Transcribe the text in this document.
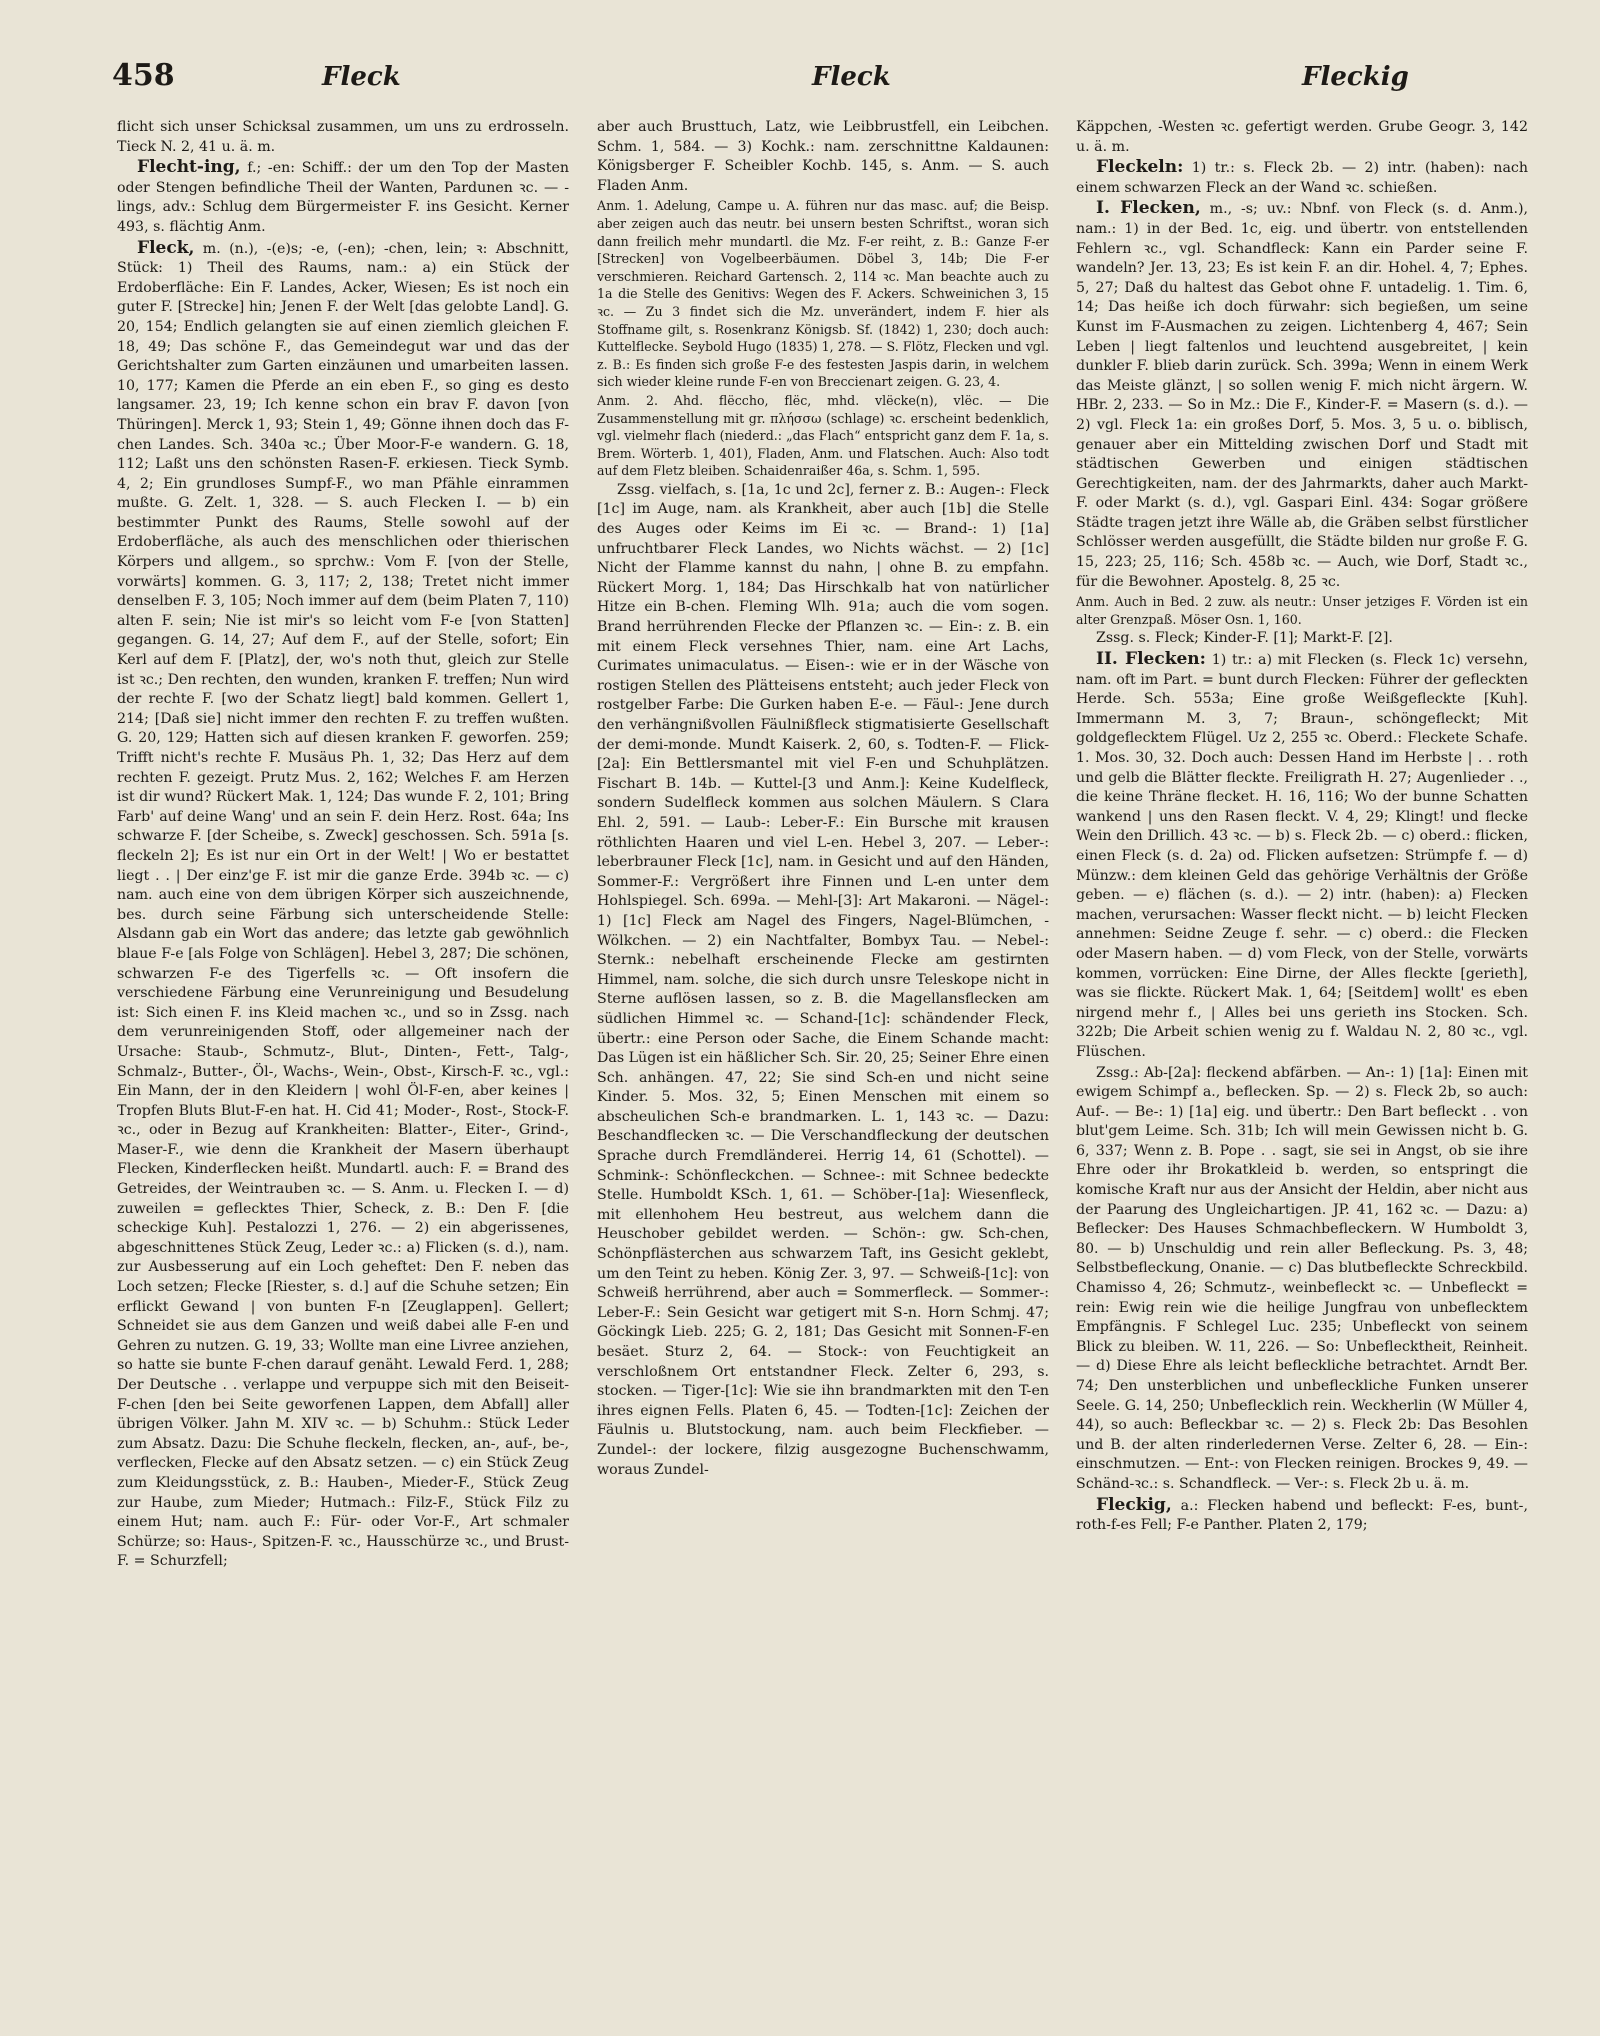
458	Fleck	Fleck	Fleckig

flicht sich unser Schicksal zusammen, um uns zu erdrosseln. Tieck N. 2, 41 u. ä. m.

Flecht-ing, f.; -en: Schiff.: der um den Top der Masten oder Stengen befindliche Theil der Wanten, Pardunen ꝛc. — -lings, adv.: Schlug dem Bürgermeister F. ins Gesicht. Kerner 493, s. flächtig Anm.

Fleck, m. (n.), -(e)s; -e, (-en); -chen, lein; ꝛ: Abschnitt, Stück: 1) Theil des Raums, nam.: a) ein Stück der Erdoberfläche: Ein F. Landes, Acker, Wiesen; Es ist noch ein guter F. [Strecke] hin; Jenen F. der Welt [das gelobte Land]. G. 20, 154; Endlich gelangten sie auf einen ziemlich gleichen F. 18, 49; Das schöne F., das Gemeindegut war und das der Gerichtshalter zum Garten einzäunen und umarbeiten lassen. 10, 177; Kamen die Pferde an ein eben F., so ging es desto langsamer. 23, 19; Ich kenne schon ein brav F. davon [von Thüringen]. Merck 1, 93; Stein 1, 49; Gönne ihnen doch das F-chen Landes. Sch. 340a ꝛc.; Über Moor-F-e wandern. G. 18, 112; Laßt uns den schönsten Rasen-F. erkiesen. Tieck Symb. 4, 2; Ein grundloses Sumpf-F., wo man Pfähle einrammen mußte. G. Zelt. 1, 328. — S. auch Flecken I. — b) ein bestimmter Punkt des Raums, Stelle sowohl auf der Erdoberfläche, als auch des menschlichen oder thierischen Körpers und allgem., so sprchw.: Vom F. [von der Stelle, vorwärts] kommen. G. 3, 117; 2, 138; Tretet nicht immer denselben F. 3, 105; Noch immer auf dem (beim Platen 7, 110) alten F. sein; Nie ist mir's so leicht vom F-e [von Statten] gegangen. G. 14, 27; Auf dem F., auf der Stelle, sofort; Ein Kerl auf dem F. [Platz], der, wo's noth thut, gleich zur Stelle ist ꝛc.; Den rechten, den wunden, kranken F. treffen; Nun wird der rechte F. [wo der Schatz liegt] bald kommen. Gellert 1, 214; [Daß sie] nicht immer den rechten F. zu treffen wußten. G. 20, 129; Hatten sich auf diesen kranken F. geworfen. 259; Trifft nicht's rechte F. Musäus Ph. 1, 32; Das Herz auf dem rechten F. gezeigt. Prutz Mus. 2, 162; Welches F. am Herzen ist dir wund? Rückert Mak. 1, 124; Das wunde F. 2, 101; Bring Farb' auf deine Wang' und an sein F. dein Herz. Rost. 64a; Ins schwarze F. [der Scheibe, s. Zweck] geschossen. Sch. 591a [s. fleckeln 2]; Es ist nur ein Ort in der Welt! | Wo er bestattet liegt . . | Der einz'ge F. ist mir die ganze Erde. 394b ꝛc. — c) nam. auch eine von dem übrigen Körper sich auszeichnende, bes. durch seine Färbung sich unterscheidende Stelle: Alsdann gab ein Wort das andere; das letzte gab gewöhnlich blaue F-e [als Folge von Schlägen]. Hebel 3, 287; Die schönen, schwarzen F-e des Tigerfells ꝛc. — Oft insofern die verschiedene Färbung eine Verunreinigung und Besudelung ist: Sich einen F. ins Kleid machen ꝛc., und so in Zssg. nach dem verunreinigenden Stoff, oder allgemeiner nach der Ursache: Staub-, Schmutz-, Blut-, Dinten-, Fett-, Talg-, Schmalz-, Butter-, Öl-, Wachs-, Wein-, Obst-, Kirsch-F. ꝛc., vgl.: Ein Mann, der in den Kleidern | wohl Öl-F-en, aber keines | Tropfen Bluts Blut-F-en hat. H. Cid 41; Moder-, Rost-, Stock-F. ꝛc., oder in Bezug auf Krankheiten: Blatter-, Eiter-, Grind-, Maser-F., wie denn die Krankheit der Masern überhaupt Flecken, Kinderflecken heißt. Mundartl. auch: F. = Brand des Getreides, der Weintrauben ꝛc. — S. Anm. u. Flecken I. — d) zuweilen = geflecktes Thier, Scheck, z. B.: Den F. [die scheckige Kuh]. Pestalozzi 1, 276. — 2) ein abgerissenes, abgeschnittenes Stück Zeug, Leder ꝛc.: a) Flicken (s. d.), nam. zur Ausbesserung auf ein Loch geheftet: Den F. neben das Loch setzen; Flecke [Riester, s. d.] auf die Schuhe setzen; Ein erflickt Gewand | von bunten F-n [Zeuglappen]. Gellert; Schneidet sie aus dem Ganzen und weiß dabei alle F-en und Gehren zu nutzen. G. 19, 33; Wollte man eine Livree anziehen, so hatte sie bunte F-chen darauf genäht. Lewald Ferd. 1, 288; Der Deutsche . . verlappe und verpuppe sich mit den Beiseit-F-chen [den bei Seite geworfenen Lappen, dem Abfall] aller übrigen Völker. Jahn M. XIV ꝛc. — b) Schuhm.: Stück Leder zum Absatz. Dazu: Die Schuhe fleckeln, flecken, an-, auf-, be-, verflecken, Flecke auf den Absatz setzen. — c) ein Stück Zeug zum Kleidungsstück, z. B.: Hauben-, Mieder-F., Stück Zeug zur Haube, zum Mieder; Hutmach.: Filz-F., Stück Filz zu einem Hut; nam. auch F.: Für- oder Vor-F., Art schmaler Schürze; so: Haus-, Spitzen-F. ꝛc., Hausschürze ꝛc., und Brust-F. = Schurzfell;

aber auch Brusttuch, Latz, wie Leibbrustfell, ein Leibchen. Schm. 1, 584. — 3) Kochk.: nam. zerschnittne Kaldaunen: Königsberger F. Scheibler Kochb. 145, s. Anm. — S. auch Fladen Anm.

Anm. 1. Adelung, Campe u. A. führen nur das masc. auf; die Beisp. aber zeigen auch das neutr. bei unsern besten Schriftst., woran sich dann freilich mehr mundartl. die Mz. F-er reiht, z. B.: Ganze F-er [Strecken] von Vogelbeerbäumen. Döbel 3, 14b; Die F-er verschmieren. Reichard Gartensch. 2, 114 ꝛc. Man beachte auch zu 1a die Stelle des Genitivs: Wegen des F. Ackers. Schweinichen 3, 15 ꝛc. — Zu 3 findet sich die Mz. unverändert, indem F. hier als Stoffname gilt, s. Rosenkranz Königsb. Sf. (1842) 1, 230; doch auch: Kuttelflecke. Seybold Hugo (1835) 1, 278. — S. Flötz, Flecken und vgl. z. B.: Es finden sich große F-e des festesten Jaspis darin, in welchem sich wieder kleine runde F-en von Breccienart zeigen. G. 23, 4.

Anm. 2. Ahd. flëccho, flëc, mhd. vlëcke(n), vlëc. — Die Zusammenstellung mit gr. πλήσσω (schlage) ꝛc. erscheint bedenklich, vgl. vielmehr flach (niederd.: „das Flach“ entspricht ganz dem F. 1a, s. Brem. Wörterb. 1, 401), Fladen, Anm. und Flatschen. Auch: Also todt auf dem Fletz bleiben. Schaidenraißer 46a, s. Schm. 1, 595.

Zssg. vielfach, s. [1a, 1c und 2c], ferner z. B.: Augen-: Fleck [1c] im Auge, nam. als Krankheit, aber auch [1b] die Stelle des Auges oder Keims im Ei ꝛc. — Brand-: 1) [1a] unfruchtbarer Fleck Landes, wo Nichts wächst. — 2) [1c] Nicht der Flamme kannst du nahn, | ohne B. zu empfahn. Rückert Morg. 1, 184; Das Hirschkalb hat von natürlicher Hitze ein B-chen. Fleming Wlh. 91a; auch die vom sogen. Brand herrührenden Flecke der Pflanzen ꝛc. — Ein-: z. B. ein mit einem Fleck versehnes Thier, nam. eine Art Lachs, Curimates unimaculatus. — Eisen-: wie er in der Wäsche von rostigen Stellen des Plätteisens entsteht; auch jeder Fleck von rostgelber Farbe: Die Gurken haben E-e. — Fäul-: Jene durch den verhängnißvollen Fäulnißfleck stigmatisierte Gesellschaft der demi-monde. Mundt Kaiserk. 2, 60, s. Todten-F. — Flick-[2a]: Ein Bettlersmantel mit viel F-en und Schuhplätzen. Fischart B. 14b. — Kuttel-[3 und Anm.]: Keine Kudelfleck, sondern Sudelfleck kommen aus solchen Mäulern. S Clara Ehl. 2, 591. — Laub-: Leber-F.: Ein Bursche mit krausen röthlichten Haaren und viel L-en. Hebel 3, 207. — Leber-: leberbrauner Fleck [1c], nam. in Gesicht und auf den Händen, Sommer-F.: Vergrößert ihre Finnen und L-en unter dem Hohlspiegel. Sch. 699a. — Mehl-[3]: Art Makaroni. — Nägel-: 1) [1c] Fleck am Nagel des Fingers, Nagel-Blümchen, -Wölkchen. — 2) ein Nachtfalter, Bombyx Tau. — Nebel-: Sternk.: nebelhaft erscheinende Flecke am gestirnten Himmel, nam. solche, die sich durch unsre Teleskope nicht in Sterne auflösen lassen, so z. B. die Magellansflecken am südlichen Himmel ꝛc. — Schand-[1c]: schändender Fleck, übertr.: eine Person oder Sache, die Einem Schande macht: Das Lügen ist ein häßlicher Sch. Sir. 20, 25; Seiner Ehre einen Sch. anhängen. 47, 22; Sie sind Sch-en und nicht seine Kinder. 5. Mos. 32, 5; Einen Menschen mit einem so abscheulichen Sch-e brandmarken. L. 1, 143 ꝛc. — Dazu: Beschandflecken ꝛc. — Die Verschandfleckung der deutschen Sprache durch Fremdländerei. Herrig 14, 61 (Schottel). — Schmink-: Schönfleckchen. — Schnee-: mit Schnee bedeckte Stelle. Humboldt KSch. 1, 61. — Schöber-[1a]: Wiesenfleck, mit ellenhohem Heu bestreut, aus welchem dann die Heuschober gebildet werden. — Schön-: gw. Sch-chen, Schönpflästerchen aus schwarzem Taft, ins Gesicht geklebt, um den Teint zu heben. König Zer. 3, 97. — Schweiß-[1c]: von Schweiß herrührend, aber auch = Sommerfleck. — Sommer-: Leber-F.: Sein Gesicht war getigert mit S-n. Horn Schmj. 47; Göckingk Lieb. 225; G. 2, 181; Das Gesicht mit Sonnen-F-en besäet. Sturz 2, 64. — Stock-: von Feuchtigkeit an verschloßnem Ort entstandner Fleck. Zelter 6, 293, s. stocken. — Tiger-[1c]: Wie sie ihn brandmarkten mit den T-en ihres eignen Fells. Platen 6, 45. — Todten-[1c]: Zeichen der Fäulnis u. Blutstockung, nam. auch beim Fleckfieber. — Zundel-: der lockere, filzig ausgezogne Buchenschwamm, woraus Zundel-

Käppchen, -Westen ꝛc. gefertigt werden. Grube Geogr. 3, 142 u. ä. m.

Fleckeln: 1) tr.: s. Fleck 2b. — 2) intr. (haben): nach einem schwarzen Fleck an der Wand ꝛc. schießen.

I. Flecken, m., -s; uv.: Nbnf. von Fleck (s. d. Anm.), nam.: 1) in der Bed. 1c, eig. und übertr. von entstellenden Fehlern ꝛc., vgl. Schandfleck: Kann ein Parder seine F. wandeln? Jer. 13, 23; Es ist kein F. an dir. Hohel. 4, 7; Ephes. 5, 27; Daß du haltest das Gebot ohne F. untadelig. 1. Tim. 6, 14; Das heiße ich doch fürwahr: sich begießen, um seine Kunst im F-Ausmachen zu zeigen. Lichtenberg 4, 467; Sein Leben | liegt faltenlos und leuchtend ausgebreitet, | kein dunkler F. blieb darin zurück. Sch. 399a; Wenn in einem Werk das Meiste glänzt, | so sollen wenig F. mich nicht ärgern. W. HBr. 2, 233. — So in Mz.: Die F., Kinder-F. = Masern (s. d.). — 2) vgl. Fleck 1a: ein großes Dorf, 5. Mos. 3, 5 u. o. biblisch, genauer aber ein Mittelding zwischen Dorf und Stadt mit städtischen Gewerben und einigen städtischen Gerechtigkeiten, nam. der des Jahrmarkts, daher auch Markt-F. oder Markt (s. d.), vgl. Gaspari Einl. 434: Sogar größere Städte tragen jetzt ihre Wälle ab, die Gräben selbst fürstlicher Schlösser werden ausgefüllt, die Städte bilden nur große F. G. 15, 223; 25, 116; Sch. 458b ꝛc. — Auch, wie Dorf, Stadt ꝛc., für die Bewohner. Apostelg. 8, 25 ꝛc.

Anm. Auch in Bed. 2 zuw. als neutr.: Unser jetziges F. Vörden ist ein alter Grenzpaß. Möser Osn. 1, 160.

Zssg. s. Fleck; Kinder-F. [1]; Markt-F. [2].

II. Flecken: 1) tr.: a) mit Flecken (s. Fleck 1c) versehn, nam. oft im Part. = bunt durch Flecken: Führer der gefleckten Herde. Sch. 553a; Eine große Weißgefleckte [Kuh]. Immermann M. 3, 7; Braun-, schöngefleckt; Mit goldgeflecktem Flügel. Uz 2, 255 ꝛc. Oberd.: Fleckete Schafe. 1. Mos. 30, 32. Doch auch: Dessen Hand im Herbste | . . roth und gelb die Blätter fleckte. Freiligrath H. 27; Augenlieder . ., die keine Thräne flecket. H. 16, 116; Wo der bunne Schatten wankend | uns den Rasen fleckt. V. 4, 29; Klingt! und flecke Wein den Drillich. 43 ꝛc. — b) s. Fleck 2b. — c) oberd.: flicken, einen Fleck (s. d. 2a) od. Flicken aufsetzen: Strümpfe f. — d) Münzw.: dem kleinen Geld das gehörige Verhältnis der Größe geben. — e) flächen (s. d.). — 2) intr. (haben): a) Flecken machen, verursachen: Wasser fleckt nicht. — b) leicht Flecken annehmen: Seidne Zeuge f. sehr. — c) oberd.: die Flecken oder Masern haben. — d) vom Fleck, von der Stelle, vorwärts kommen, vorrücken: Eine Dirne, der Alles fleckte [gerieth], was sie flickte. Rückert Mak. 1, 64; [Seitdem] wollt' es eben nirgend mehr f., | Alles bei uns gerieth ins Stocken. Sch. 322b; Die Arbeit schien wenig zu f. Waldau N. 2, 80 ꝛc., vgl. Flüschen.

Zssg.: Ab-[2a]: fleckend abfärben. — An-: 1) [1a]: Einen mit ewigem Schimpf a., beflecken. Sp. — 2) s. Fleck 2b, so auch: Auf-. — Be-: 1) [1a] eig. und übertr.: Den Bart befleckt . . von blut'gem Leime. Sch. 31b; Ich will mein Gewissen nicht b. G. 6, 337; Wenn z. B. Pope . . sagt, sie sei in Angst, ob sie ihre Ehre oder ihr Brokatkleid b. werden, so entspringt die komische Kraft nur aus der Ansicht der Heldin, aber nicht aus der Paarung des Ungleichartigen. JP. 41, 162 ꝛc. — Dazu: a) Beflecker: Des Hauses Schmachbefleckern. W Humboldt 3, 80. — b) Unschuldig und rein aller Befleckung. Ps. 3, 48; Selbstbefleckung, Onanie. — c) Das blutbefleckte Schreckbild. Chamisso 4, 26; Schmutz-, weinbefleckt ꝛc. — Unbefleckt = rein: Ewig rein wie die heilige Jungfrau von unbeflecktem Empfängnis. F Schlegel Luc. 235; Unbefleckt von seinem Blick zu bleiben. W. 11, 226. — So: Unbeflecktheit, Reinheit. — d) Diese Ehre als leicht befleckliche betrachtet. Arndt Ber. 74; Den unsterblichen und unbefleckliche Funken unserer Seele. G. 14, 250; Unbeflecklich rein. Weckherlin (W Müller 4, 44), so auch: Befleckbar ꝛc. — 2) s. Fleck 2b: Das Besohlen und B. der alten rinderledernen Verse. Zelter 6, 28. — Ein-: einschmutzen. — Ent-: von Flecken reinigen. Brockes 9, 49. — Schänd-ꝛc.: s. Schandfleck. — Ver-: s. Fleck 2b u. ä. m.

Fleckig, a.: Flecken habend und befleckt: F-es, bunt-, roth-f-es Fell; F-e Panther. Platen 2, 179;
